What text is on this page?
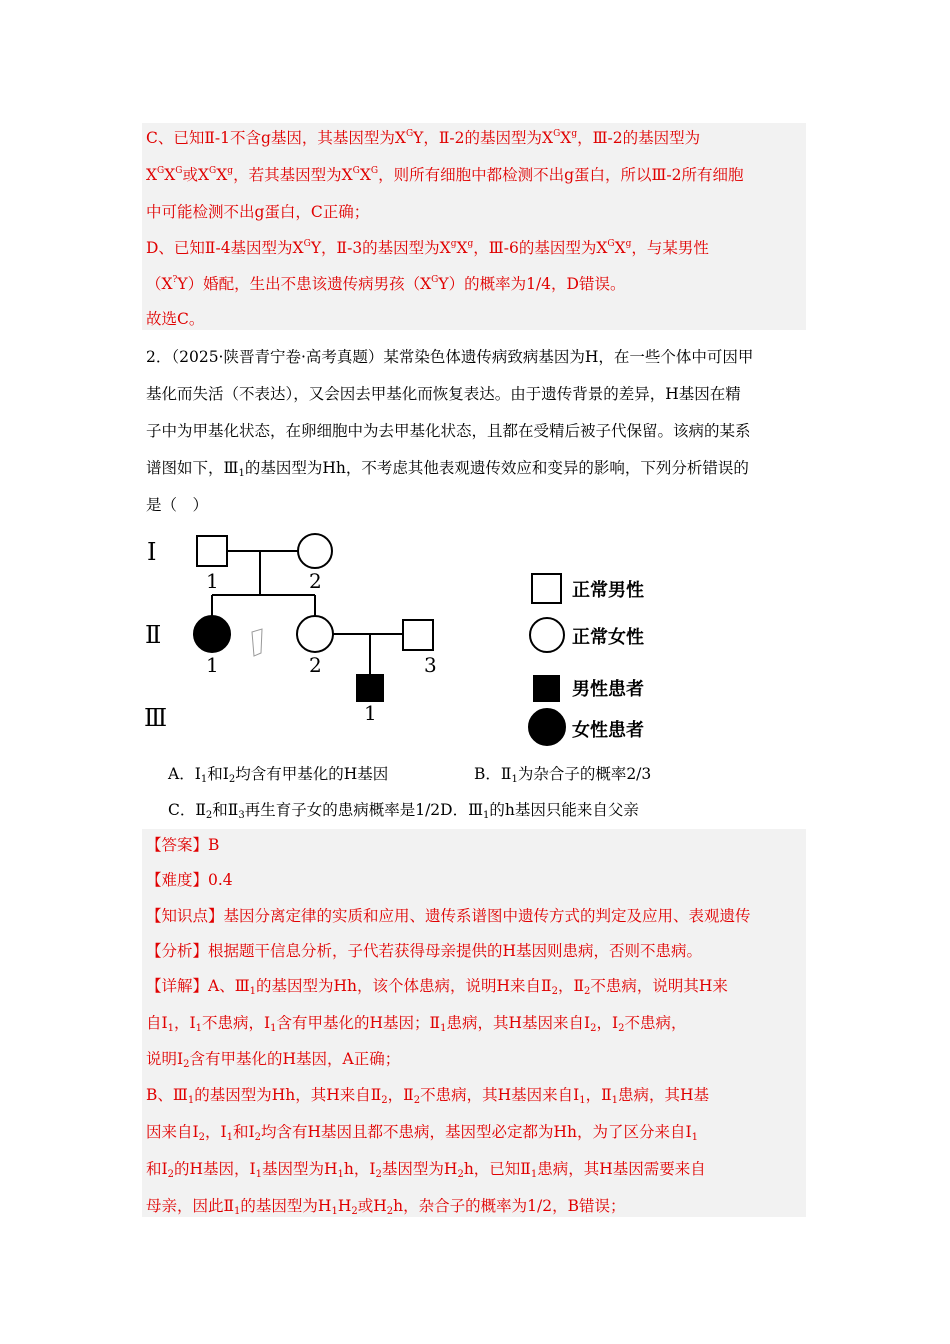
C、已知Ⅱ-1不含g基因，其基因型为$X^GY$，Ⅱ-2的基因型为$X^GX^g$，Ⅲ-2的基因型为
$X^GX^G$或$X^GX^g$，若其基因型为$X^GX^G$，则所有细胞中都检测不出g蛋白，所以Ⅲ-2所有细胞
中可能检测不出g蛋白，C正确；
D、已知Ⅱ-4基因型为$X^GY$，Ⅱ-3的基因型为$X^gX^g$，Ⅲ-6的基因型为$X^GX^g$，与某男性
（X?Y）婚配，生出不患该遗传病男孩$(X^GY)$的概率为1/4，D错误。
故选C。
2．（2025·陕晋青宁卷·高考真题）某常染色体遗传病致病基因为H，在一些个体中可因甲
基化而失活（不表达），又会因去甲基化而恢复表达。由于遗传背景的差异，H基因在精
子中为甲基化状态，在卵细胞中为去甲基化状态，且都在受精后被子代保留。该病的某系
谱图如下，$Ⅲ_1$的基因型为Hh，不考虑其他表观遗传效应和变异的影响，下列分析错误的
是（　）
Ⅰ
Ⅱ
Ⅲ
1	2
1	2	3
1
正常男性
正常女性
男性患者
女性患者
A．$I_1$和$I_2$均含有甲基化的H基因	B．$Ⅱ_1$为杂合子的概率2/3
C．$Ⅱ_2$和$Ⅱ_3$再生育子女的患病概率是1/2D．$Ⅲ_1$的h基因只能来自父亲
【答案】B
【难度】0.4
【知识点】基因分离定律的实质和应用、遗传系谱图中遗传方式的判定及应用、表观遗传
【分析】根据题干信息分析，子代若获得母亲提供的H基因则患病，否则不患病。
【详解】A、$Ⅲ_1$的基因型为Hh，该个体患病，说明H来自$Ⅱ_2$，$Ⅱ_2$不患病，说明其H来
自$Ⅰ_1$，$Ⅰ_1$不患病，$Ⅰ_1$含有甲基化的H基因；$Ⅱ_1$患病，其H基因来自$Ⅰ_2$，$Ⅰ_2$不患病，
说明$Ⅰ_2$含有甲基化的H基因，A正确；
B、$Ⅲ_1$的基因型为Hh，其H来自$Ⅱ_2$，$Ⅱ_2$不患病，其H基因来自$Ⅰ_1$，$Ⅱ_1$患病，其H基
因来自$Ⅰ_2$，$Ⅰ_1$和$Ⅰ_2$均含有H基因且都不患病，基因型必定都为Hh，为了区分来自$Ⅰ_1$
和$Ⅰ_2$的H基因，$Ⅰ_1$基因型为$H_1h$，$Ⅰ_2$基因型为$H_2h$，已知$Ⅱ_1$患病，其H基因需要来自
母亲，因此$Ⅱ_1$的基因型为$H_1H_2$或$H_2h$，杂合子的概率为1/2，B错误；
